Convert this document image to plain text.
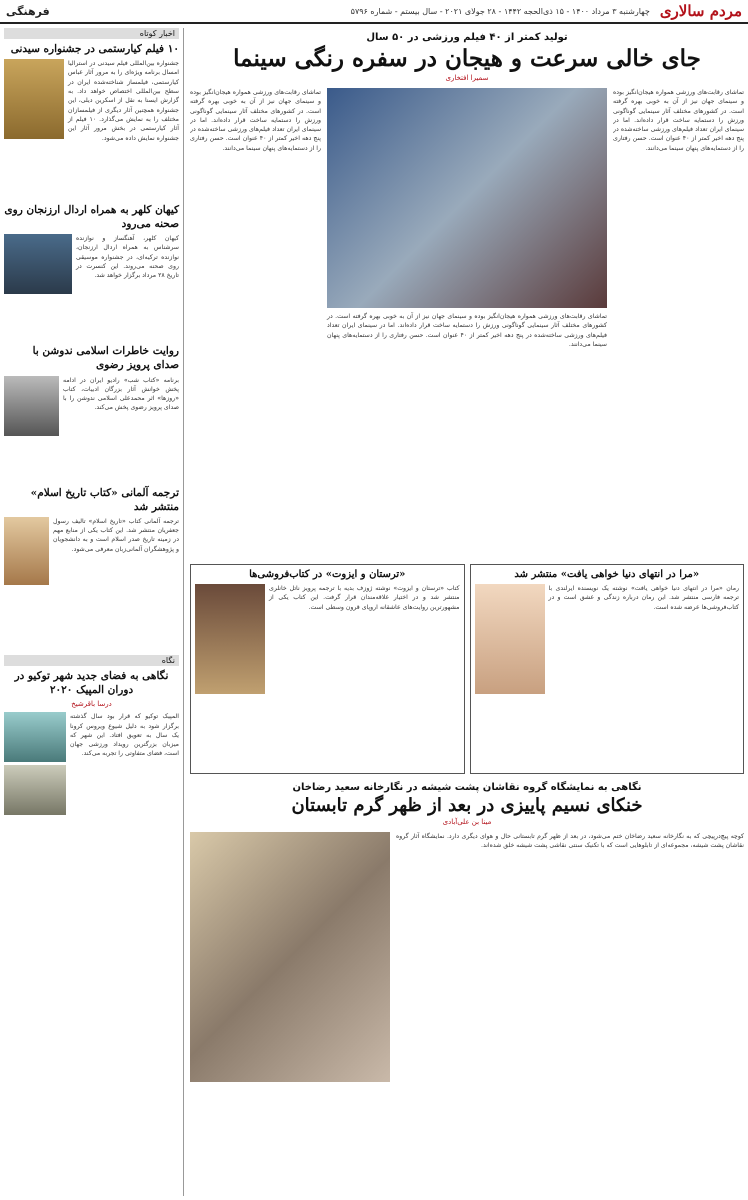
مردم سالاری
چهارشنبه ۳ مرداد ۱۴۰۰ - ۱۵ ذی‌الحجه ۱۴۴۲ - ۲۸ جولای ۲۰۲۱ - سال بیستم - شماره ۵۷۹۶
فرهنگی
اخبار کوتاه
۱۰ فیلم کیارستمی در جشنواره سیدنی
جشنواره بین‌المللی فیلم سیدنی در استرالیا امسال برنامه ویژه‌ای را به مرور آثار عباس کیارستمی، فیلمساز شناخته‌شده ایران در سطح بین‌المللی اختصاص خواهد داد. به گزارش ایسنا به نقل از اسکرین دیلی، این جشنواره همچنین آثار دیگری از فیلمسازان مختلف را به نمایش می‌گذارد. ۱۰ فیلم از آثار کیارستمی در بخش مرور آثار این جشنواره نمایش داده می‌شود.
کیهان کلهر به همراه اردال ارزنجان روی صحنه می‌رود
کیهان کلهر، آهنگساز و نوازنده سرشناس به همراه اردال ارزنجان، نوازنده ترکیه‌ای، در جشنواره موسیقی روی صحنه می‌روند. این کنسرت در تاریخ ۲۸ مرداد برگزار خواهد شد.
روایت خاطرات اسلامی ندوشن با صدای پرویز رضوی
برنامه «کتاب شب» رادیو ایران در ادامه پخش خوانش آثار بزرگان ادبیات، کتاب «روزها» اثر محمدعلی اسلامی ندوشن را با صدای پرویز رضوی پخش می‌کند.
ترجمه آلمانی «کتاب تاریخ اسلام» منتشر شد
ترجمه آلمانی کتاب «تاریخ اسلام» تالیف رسول جعفریان منتشر شد. این کتاب یکی از منابع مهم در زمینه تاریخ صدر اسلام است و به دانشجویان و پژوهشگران آلمانی‌زبان معرفی می‌شود.
نگاه
نگاهی به فضای جدید شهر توکیو در دوران المپیک ۲۰۲۰
درسا باقرشیخ
المپیک توکیو که قرار بود سال گذشته برگزار شود به دلیل شیوع ویروس کرونا یک سال به تعویق افتاد. این شهر که میزبان بزرگترین رویداد ورزشی جهان است، فضای متفاوتی را تجربه می‌کند.
تولید کمتر از ۴۰ فیلم ورزشی در ۵۰ سال
جای خالی سرعت و هیجان در سفره رنگی سینما
سمیرا افتخاری
تماشای رقابت‌های ورزشی همواره هیجان‌انگیز بوده و سینمای جهان نیز از آن به خوبی بهره گرفته است. در کشورهای مختلف آثار سینمایی گوناگونی ورزش را دستمایه ساخت قرار داده‌اند. اما در سینمای ایران تعداد فیلم‌های ورزشی ساخته‌شده در پنج دهه اخیر کمتر از ۴۰ عنوان است. حسن رفتاری را از دستمایه‌های پنهان سینما می‌دانند.
تماشای رقابت‌های ورزشی همواره هیجان‌انگیز بوده و سینمای جهان نیز از آن به خوبی بهره گرفته است. در کشورهای مختلف آثار سینمایی گوناگونی ورزش را دستمایه ساخت قرار داده‌اند. اما در سینمای ایران تعداد فیلم‌های ورزشی ساخته‌شده در پنج دهه اخیر کمتر از ۴۰ عنوان است. حسن رفتاری را از دستمایه‌های پنهان سینما می‌دانند.
تماشای رقابت‌های ورزشی همواره هیجان‌انگیز بوده و سینمای جهان نیز از آن به خوبی بهره گرفته است. در کشورهای مختلف آثار سینمایی گوناگونی ورزش را دستمایه ساخت قرار داده‌اند. اما در سینمای ایران تعداد فیلم‌های ورزشی ساخته‌شده در پنج دهه اخیر کمتر از ۴۰ عنوان است. حسن رفتاری را از دستمایه‌های پنهان سینما می‌دانند.
«مرا در انتهای دنیا خواهی یافت» منتشر شد
رمان «مرا در انتهای دنیا خواهی یافت» نوشته یک نویسنده ایرلندی با ترجمه فارسی منتشر شد. این رمان درباره زندگی و عشق است و در کتاب‌فروشی‌ها عرضه شده است.
«ترستان و ایزوت» در کتاب‌فروشی‌ها
کتاب «ترستان و ایزوت» نوشته ژوزف بدیه با ترجمه پرویز ناتل خانلری منتشر شد و در اختیار علاقه‌مندان قرار گرفت. این کتاب یکی از مشهورترین روایت‌های عاشقانه اروپای قرون وسطی است.
نگاهی به نمایشگاه گروه نقاشان پشت شیشه در نگارخانه سعید رضاخان
خنکای نسیم پاییزی در بعد از ظهر گرم تابستان
مینا بن علی‌آبادی
کوچه پیچ‌درپیچی که به نگارخانه سعید رضاخان ختم می‌شود، در بعد از ظهر گرم تابستانی حال و هوای دیگری دارد. نمایشگاه آثار گروه نقاشان پشت شیشه، مجموعه‌ای از تابلوهایی است که با تکنیک سنتی نقاشی پشت شیشه خلق شده‌اند.
